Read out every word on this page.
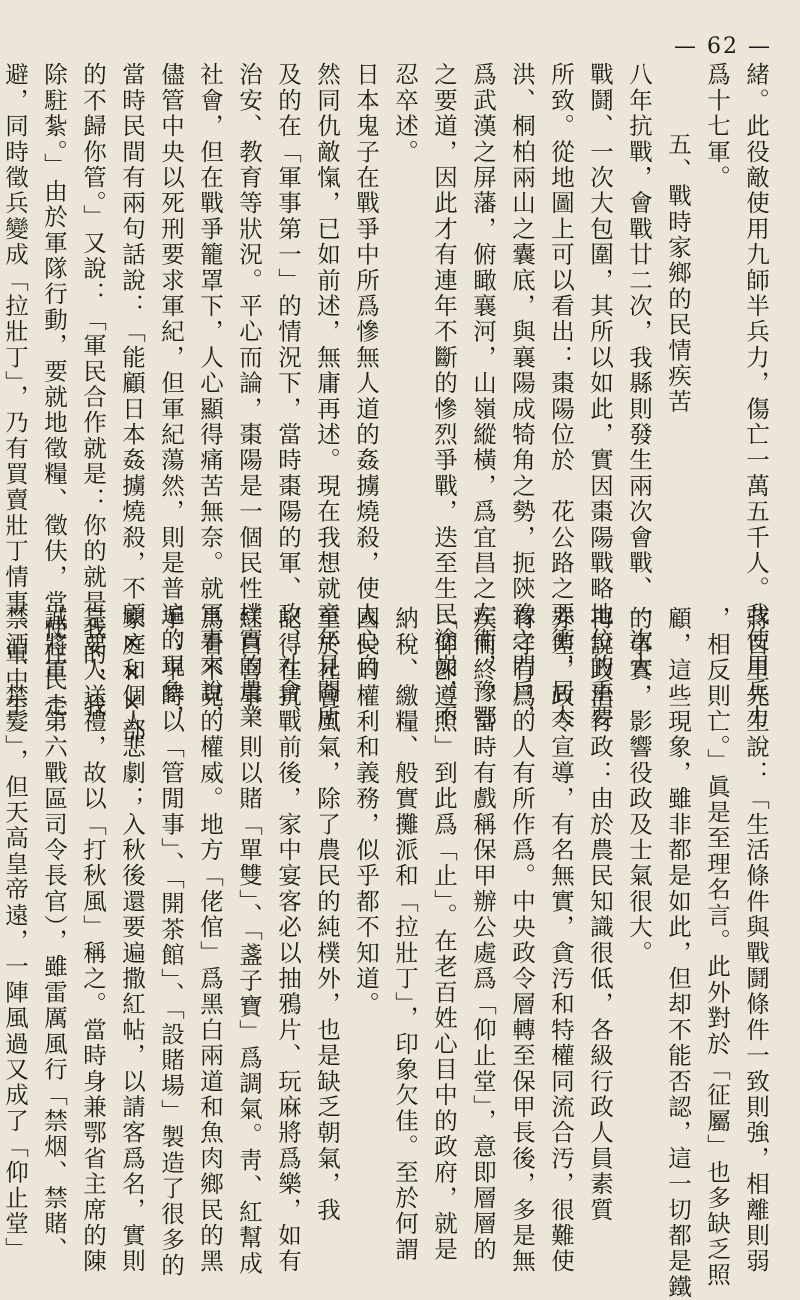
— 62 —
緒。此役敵使用九師半兵力，傷亡一萬五千人。我使用兵力
爲十七軍。
五、戰時家鄉的民情疾苦
八年抗戰，會戰廿二次，我縣則發生兩次會戰、一次大
戰鬪、一次大包圍，其所以如此，實因棗陽戰略地位的重要
所致。從地圖上可以看出：棗陽位於　花公路之要衝，居大
洪、桐柏兩山之囊底，與襄陽成犄角之勢，扼陝豫之門戶，
爲武漢之屏藩，俯瞰襄河，山嶺縱橫，爲宜昌之左衛，豫鄂
之要道，因此才有連年不斷的慘烈爭戰，迭至生民塗炭，不
忍卒述。
日本鬼子在戰爭中所爲慘無人道的姦擄燒殺，使人心自
然同仇敵愾，已如前述，無庸再述。現在我想就童年見聞所
及的在「軍事第一」的情況下，當時棗陽的軍、政、社會、
治安、教育等狀況。平心而論，棗陽是一個民性樸實的農業
社會，但在戰爭籠罩下，人心顯得痛苦無奈。就軍事來說，
儘管中央以死刑要求軍紀，但軍紀蕩然，則是普遍的現象，
當時民間有兩句話說：「能顧日本姦擄燒殺，不顧×××部
的不歸你管。」又說：「軍民合作就是：你的就是我的，我
除駐紮。」由於軍隊行動，要就地徵糧、徵伕，常使住民走
避，同時徵兵變成「拉壯丁」，乃有買賣壯丁情事。軍中生
蔣百里先生說：「生活條件與戰鬪條件一致則強，相離則弱
，相反則亡。」眞是至理名言。此外對於「征屬」也多缺乏照
顧，這些現象，雖非都是如此，但却不能否認，這一切都是鐵
的事實，影響役政及士氣很大。
再說政治行政：由於農民知識很低，各級行政人員素質
亦差，政令宣導，有名無實，貪汚和特權同流合汚，很難使
有守有爲的人有所作爲。中央政令層轉至保甲長後，多是無
疾而終，當時有戲稱保甲辦公處爲「仰止堂」，意即層層的
「仰卽遵照」到此爲「止」。在老百姓心目中的政府，就是
納稅、繳糧、般實攤派和「拉壯丁」，印象欠佳。至於何謂
國民的權利和義務，似乎都不知道。
至於社會風氣，除了農民的純樸外，也是缺乏朝氣，我
記得在抗戰前後，家中宴客必以抽鴉片、玩麻將爲樂，如有
紅白喜事，則以賭「單雙」、「盞子寶」爲調氣。靑、紅幫成
爲看不見的權威。地方「佬倌」爲黑白兩道和魚肉鄉民的黑
手；平時以「管閒事」、「開茶館」、「設賭場」製造了很多的
家庭和個人悲劇；入秋後還要遍撒紅帖，以請客爲名，實則
是要人送禮，故以「打秋風」稱之。當時身兼鄂省主席的陳
誠將軍（第六戰區司令長官），雖雷厲風行「禁烟、禁賭、
禁酒、禁髮」，但天高皇帝遠，一陣風過又成了「仰止堂」
